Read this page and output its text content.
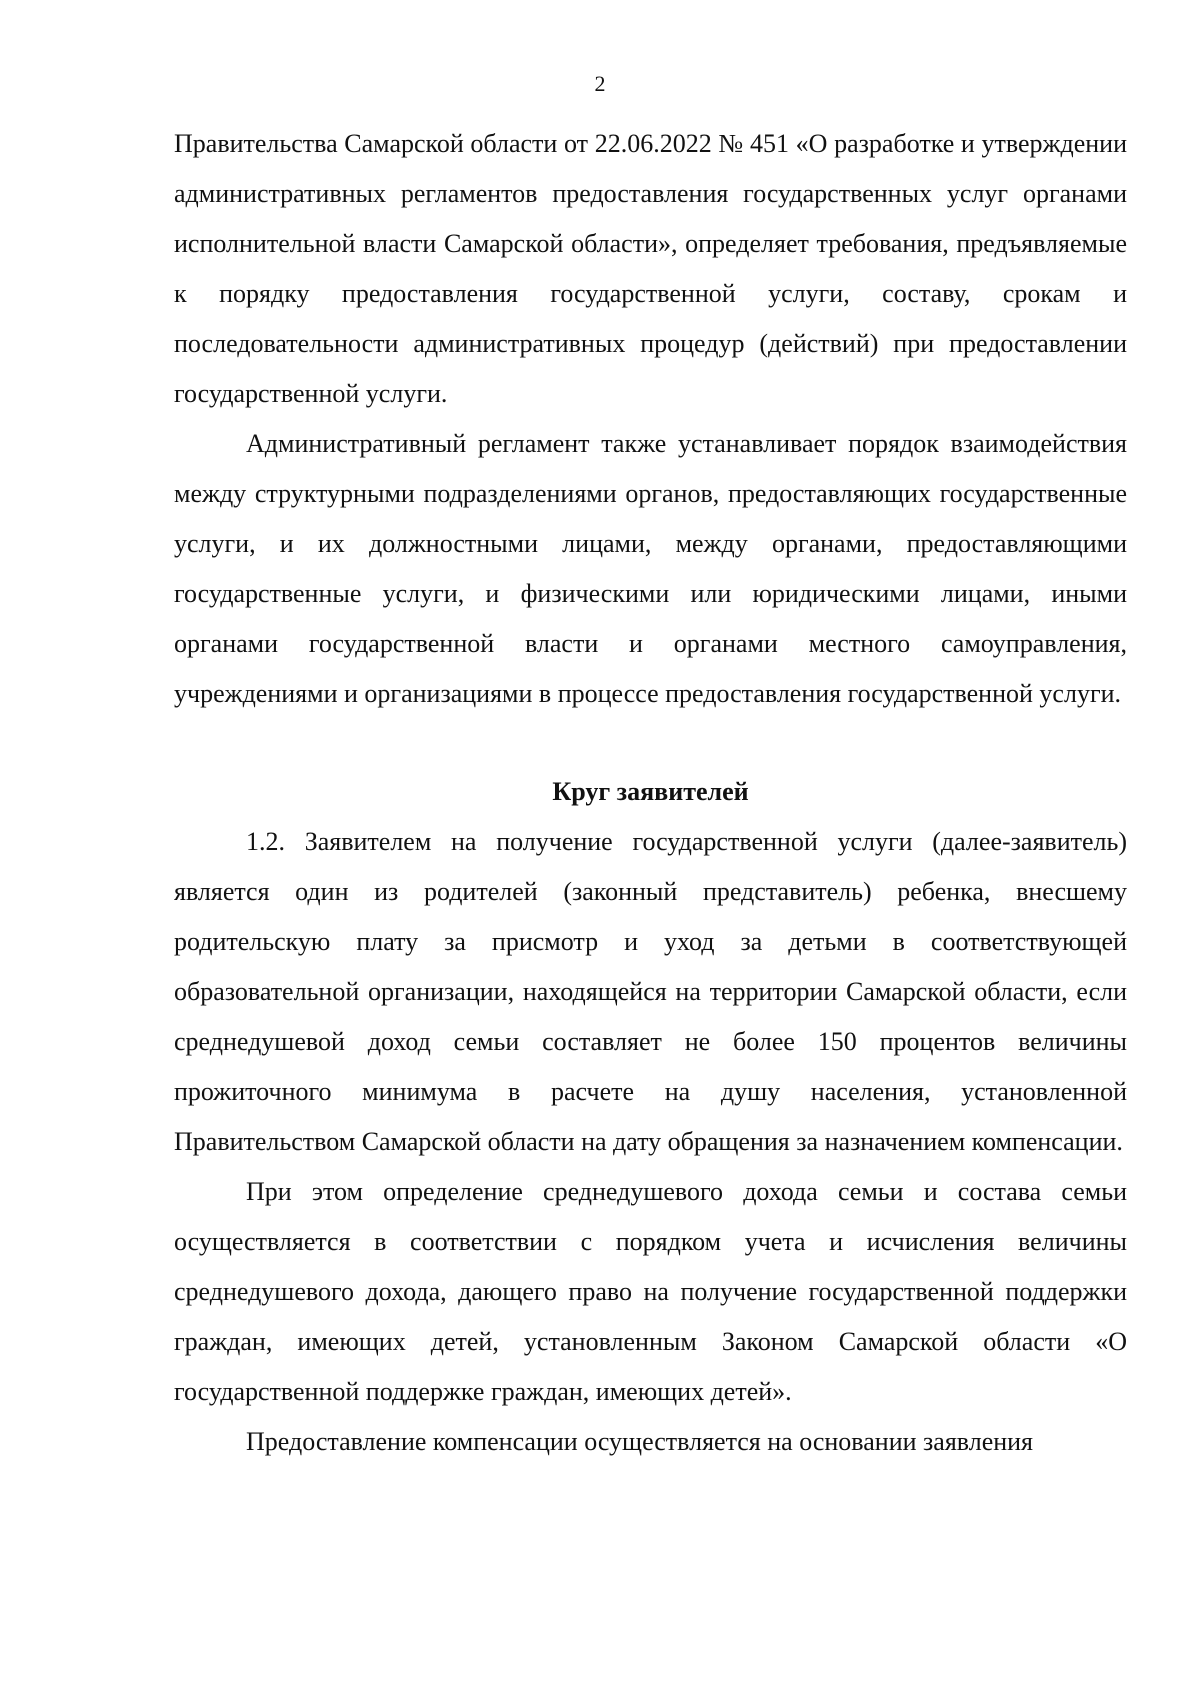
2

Правительства Самарской области от 22.06.2022 № 451 «О разработке и утверждении административных регламентов предоставления государственных услуг органами исполнительной власти Самарской области», определяет требования, предъявляемые к порядку предоставления государственной услуги, составу, срокам и последовательности административных процедур (действий) при предоставлении государственной услуги.

Административный регламент также устанавливает порядок взаимодействия между структурными подразделениями органов, предоставляющих государственные услуги, и их должностными лицами, между органами, предоставляющими государственные услуги, и физическими или юридическими лицами, иными органами государственной власти и органами местного самоуправления, учреждениями и организациями в процессе предоставления государственной услуги.

Круг заявителей

1.2. Заявителем на получение государственной услуги (далее-заявитель) является один из родителей (законный представитель) ребенка, внесшему родительскую плату за присмотр и уход за детьми в соответствующей образовательной организации, находящейся на территории Самарской области, если среднедушевой доход семьи составляет не более 150 процентов величины прожиточного минимума в расчете на душу населения, установленной Правительством Самарской области на дату обращения за назначением компенсации.

При этом определение среднедушевого дохода семьи и состава семьи осуществляется в соответствии с порядком учета и исчисления величины среднедушевого дохода, дающего право на получение государственной поддержки граждан, имеющих детей, установленным Законом Самарской области «О государственной поддержке граждан, имеющих детей».

Предоставление компенсации осуществляется на основании заявления
